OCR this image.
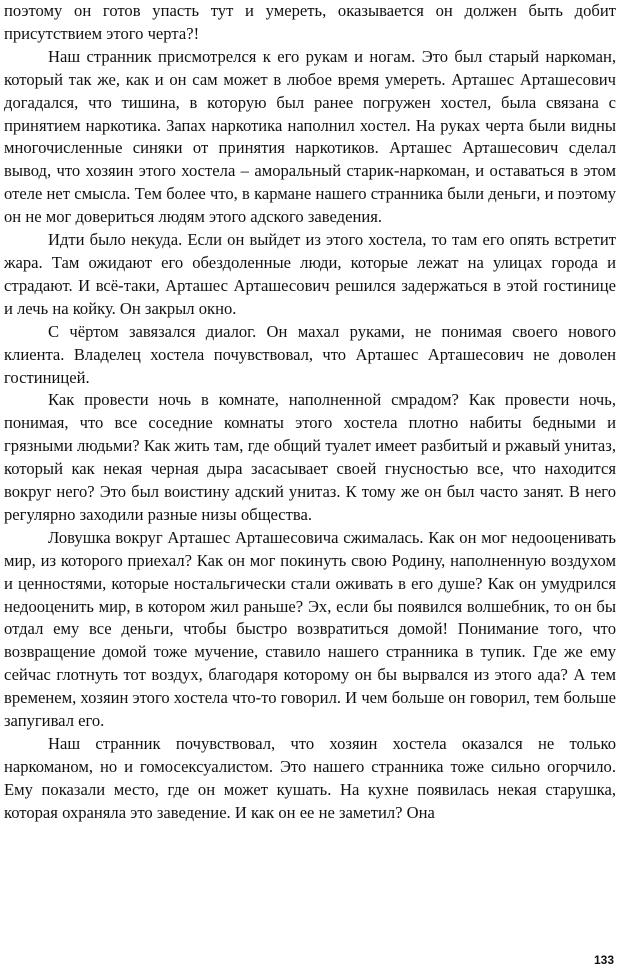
поэтому он готов упасть тут и умереть, оказывается он должен быть добит присутствием этого черта?!

Наш странник присмотрелся к его рукам и ногам. Это был старый наркоман, который так же, как и он сам может в любое время умереть. Арташес Арташесович догадался, что тишина, в которую был ранее погружен хостел, была связана с принятием наркотика. Запах наркотика наполнил хостел. На руках черта были видны многочисленные синяки от принятия наркотиков. Арташес Арташесович сделал вывод, что хозяин этого хостела – аморальный старик-наркоман, и оставаться в этом отеле нет смысла. Тем более что, в кармане нашего странника были деньги, и поэтому он не мог довериться людям этого адского заведения.

Идти было некуда. Если он выйдет из этого хостела, то там его опять встретит жара. Там ожидают его обездоленные люди, которые лежат на улицах города и страдают. И всё-таки, Арташес Арташесович решился задержаться в этой гостинице и лечь на койку. Он закрыл окно.

С чёртом завязался диалог. Он махал руками, не понимая своего нового клиента. Владелец хостела почувствовал, что Арташес Арташесович не доволен гостиницей.

Как провести ночь в комнате, наполненной смрадом? Как провести ночь, понимая, что все соседние комнаты этого хостела плотно набиты бедными и грязными людьми? Как жить там, где общий туалет имеет разбитый и ржавый унитаз, который как некая черная дыра засасывает своей гнусностью все, что находится вокруг него? Это был воистину адский унитаз. К тому же он был часто занят. В него регулярно заходили разные низы общества.

Ловушка вокруг Арташес Арташесовича сжималась. Как он мог недооценивать мир, из которого приехал? Как он мог покинуть свою Родину, наполненную воздухом и ценностями, которые ностальгически стали оживать в его душе? Как он умудрился недооценить мир, в котором жил раньше? Эх, если бы появился волшебник, то он бы отдал ему все деньги, чтобы быстро возвратиться домой! Понимание того, что возвращение домой тоже мучение, ставило нашего странника в тупик. Где же ему сейчас глотнуть тот воздух, благодаря которому он бы вырвался из этого ада? А тем временем, хозяин этого хостела что-то говорил. И чем больше он говорил, тем больше запугивал его.

Наш странник почувствовал, что хозяин хостела оказался не только наркоманом, но и гомосексуалистом. Это нашего странника тоже сильно огорчило. Ему показали место, где он может кушать. На кухне появилась некая старушка, которая охраняла это заведение. И как он ее не заметил? Она

133
